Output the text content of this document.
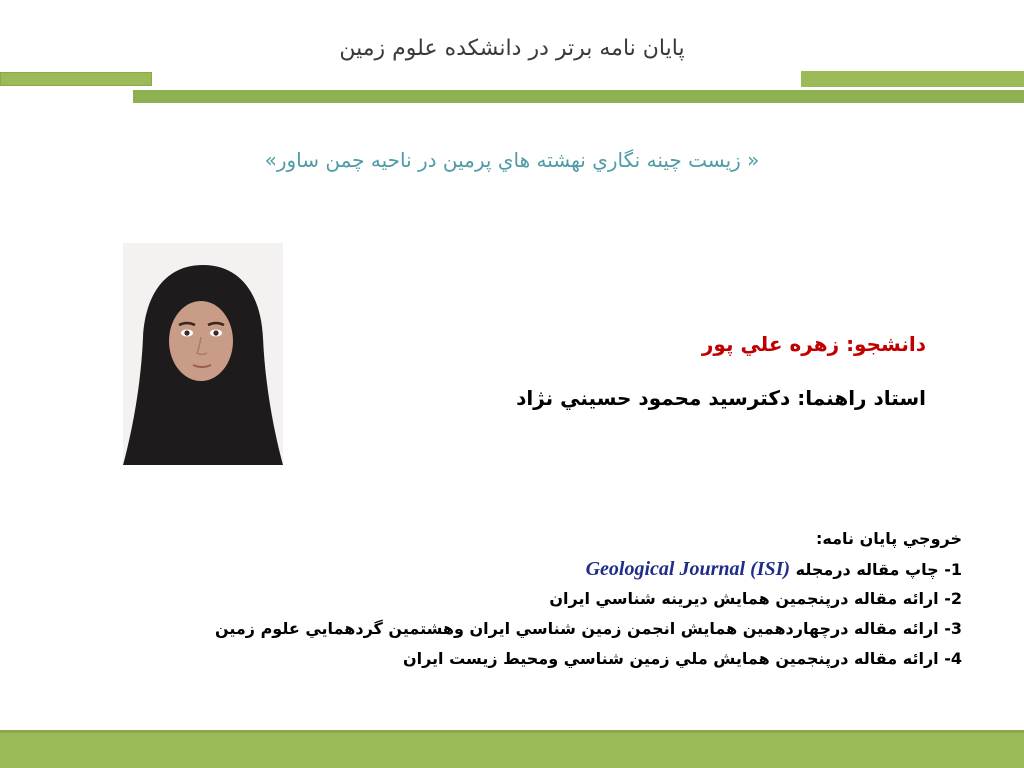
پايان نامه برتر در دانشكده علوم زمين
« زيست چينه نگاري نهشته هاي پرمين در ناحيه چمن ساور»
دانشجو: زهره علي پور
استاد راهنما: دكترسيد محمود حسيني نژاد
خروجي پايان نامه:
1- چاپ مقاله درمجله Geological Journal (ISI)
2- ارائه مقاله درپنجمين همايش ديرينه شناسي ايران
3- ارائه مقاله درچهاردهمين همايش انجمن زمين شناسي ايران وهشتمين گردهمايي علوم زمين
4- ارائه مقاله درپنجمين همايش ملي زمين شناسي ومحيط زيست ايران
